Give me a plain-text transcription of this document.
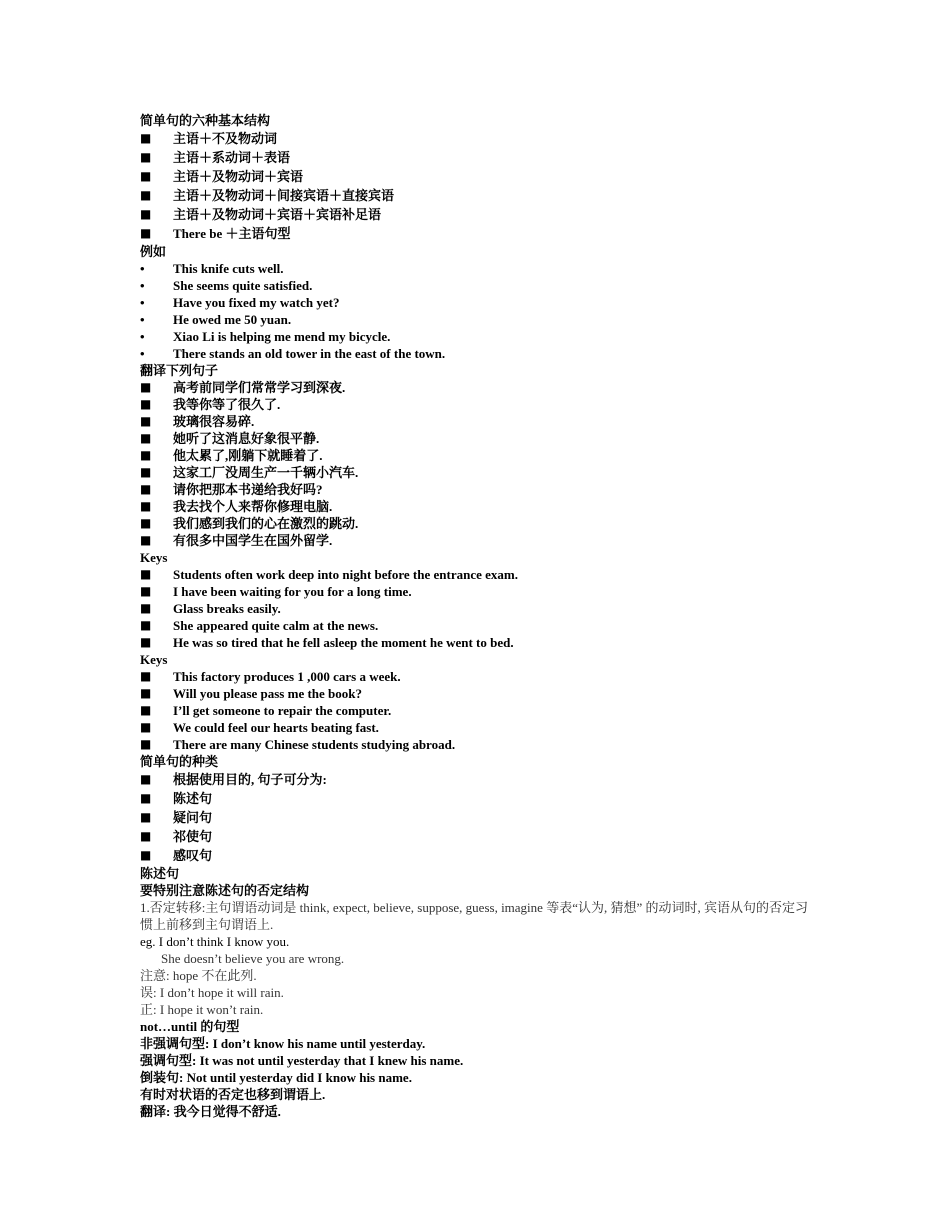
简单句的六种基本结构
■	主语＋不及物动词
■	主语＋系动词＋表语
■	主语＋及物动词＋宾语
■	主语＋及物动词＋间接宾语＋直接宾语
■	主语＋及物动词＋宾语＋宾语补足语
■	There be ＋主语句型
例如
•	This knife cuts well.
•	She seems quite satisfied.
•	Have you fixed my watch yet?
•	He owed me 50 yuan.
•	Xiao Li is helping me mend my bicycle.
•	There stands an old tower in the east of the town.
翻译下列句子
■	高考前同学们常常学习到深夜.
■	我等你等了很久了.
■	玻璃很容易碎.
■	她听了这消息好象很平静.
■	他太累了,刚躺下就睡着了.
■	这家工厂没周生产一千辆小汽车.
■	请你把那本书递给我好吗?
■	我去找个人来帮你修理电脑.
■	我们感到我们的心在激烈的跳动.
■	有很多中国学生在国外留学.
Keys
■	Students often work deep into night before the entrance exam.
■	I have been waiting for you for a long time.
■	Glass breaks easily.
■	She appeared quite calm at the news.
■	He was so tired that he fell asleep the moment he went to bed.
Keys
■	This factory produces 1 ,000 cars a week.
■	Will you please pass me the book?
■	I’ll get someone to repair the computer.
■	We could feel our hearts beating fast.
■	There are many Chinese students studying abroad.
简单句的种类
■	根据使用目的, 句子可分为:
■	陈述句
■	疑问句
■	祁使句
■	感叹句
陈述句
要特别注意陈述句的否定结构
1.否定转移:主句谓语动词是 think, expect, believe, suppose, guess, imagine 等表“认为, 猜想” 的动词时, 宾语从句的否定习惯上前移到主句谓语上.
eg. I don’t think I know you.
She doesn’t believe you are wrong.
注意: hope 不在此列.
误: I don’t hope it will rain.
正: I hope it won’t rain.
not…until 的句型
非强调句型: I don’t know his name until yesterday.
强调句型: It was not until yesterday that I knew his name.
倒装句: Not until yesterday did I know his name.
有时对状语的否定也移到谓语上.
翻译: 我今日觉得不舒适.
